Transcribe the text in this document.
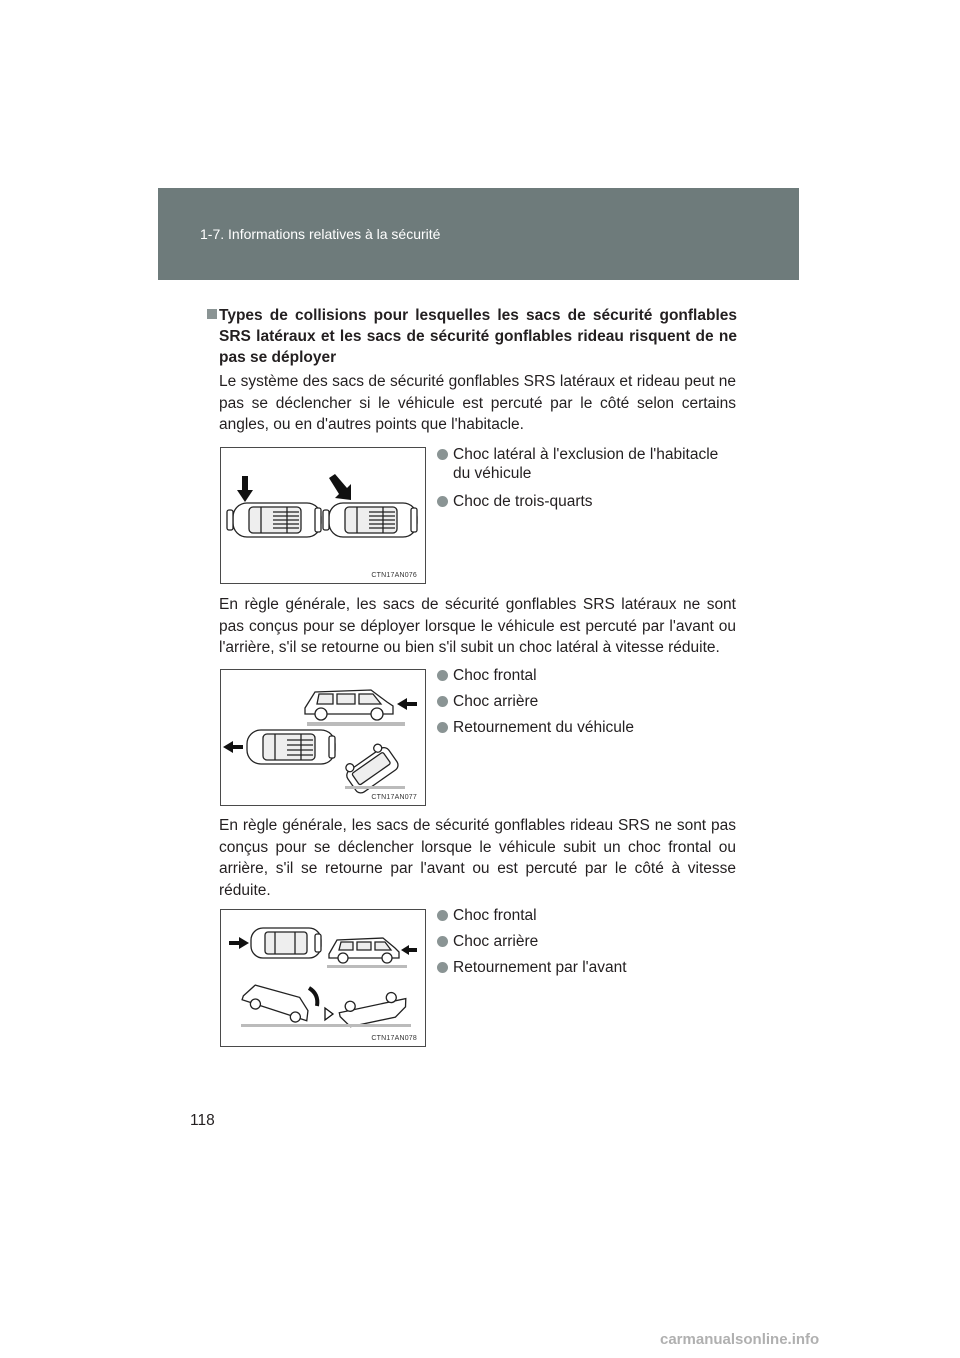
1-7. Informations relatives à la sécurité
Types de collisions pour lesquelles les sacs de sécurité gonflables SRS latéraux et les sacs de sécurité gonflables rideau risquent de ne pas se déployer
Le système des sacs de sécurité gonflables SRS latéraux et rideau peut ne pas se déclencher si le véhicule est percuté par le côté selon certains angles, ou en d'autres points que l'habitacle.
CTN17AN076
Choc latéral à l'exclusion de l'habitacle du véhicule
Choc de trois-quarts
En règle générale, les sacs de sécurité gonflables SRS latéraux ne sont pas conçus pour se déployer lorsque le véhicule est percuté par l'avant ou l'arrière, s'il se retourne ou bien s'il subit un choc latéral à vitesse réduite.
CTN17AN077
Choc frontal
Choc arrière
Retournement du véhicule
En règle générale, les sacs de sécurité gonflables rideau SRS ne sont pas conçus pour se déclencher lorsque le véhicule subit un choc frontal ou arrière, s'il se retourne par l'avant ou est percuté par le côté à vitesse réduite.
CTN17AN078
Choc frontal
Choc arrière
Retournement par l'avant
118
carmanualsonline.info
